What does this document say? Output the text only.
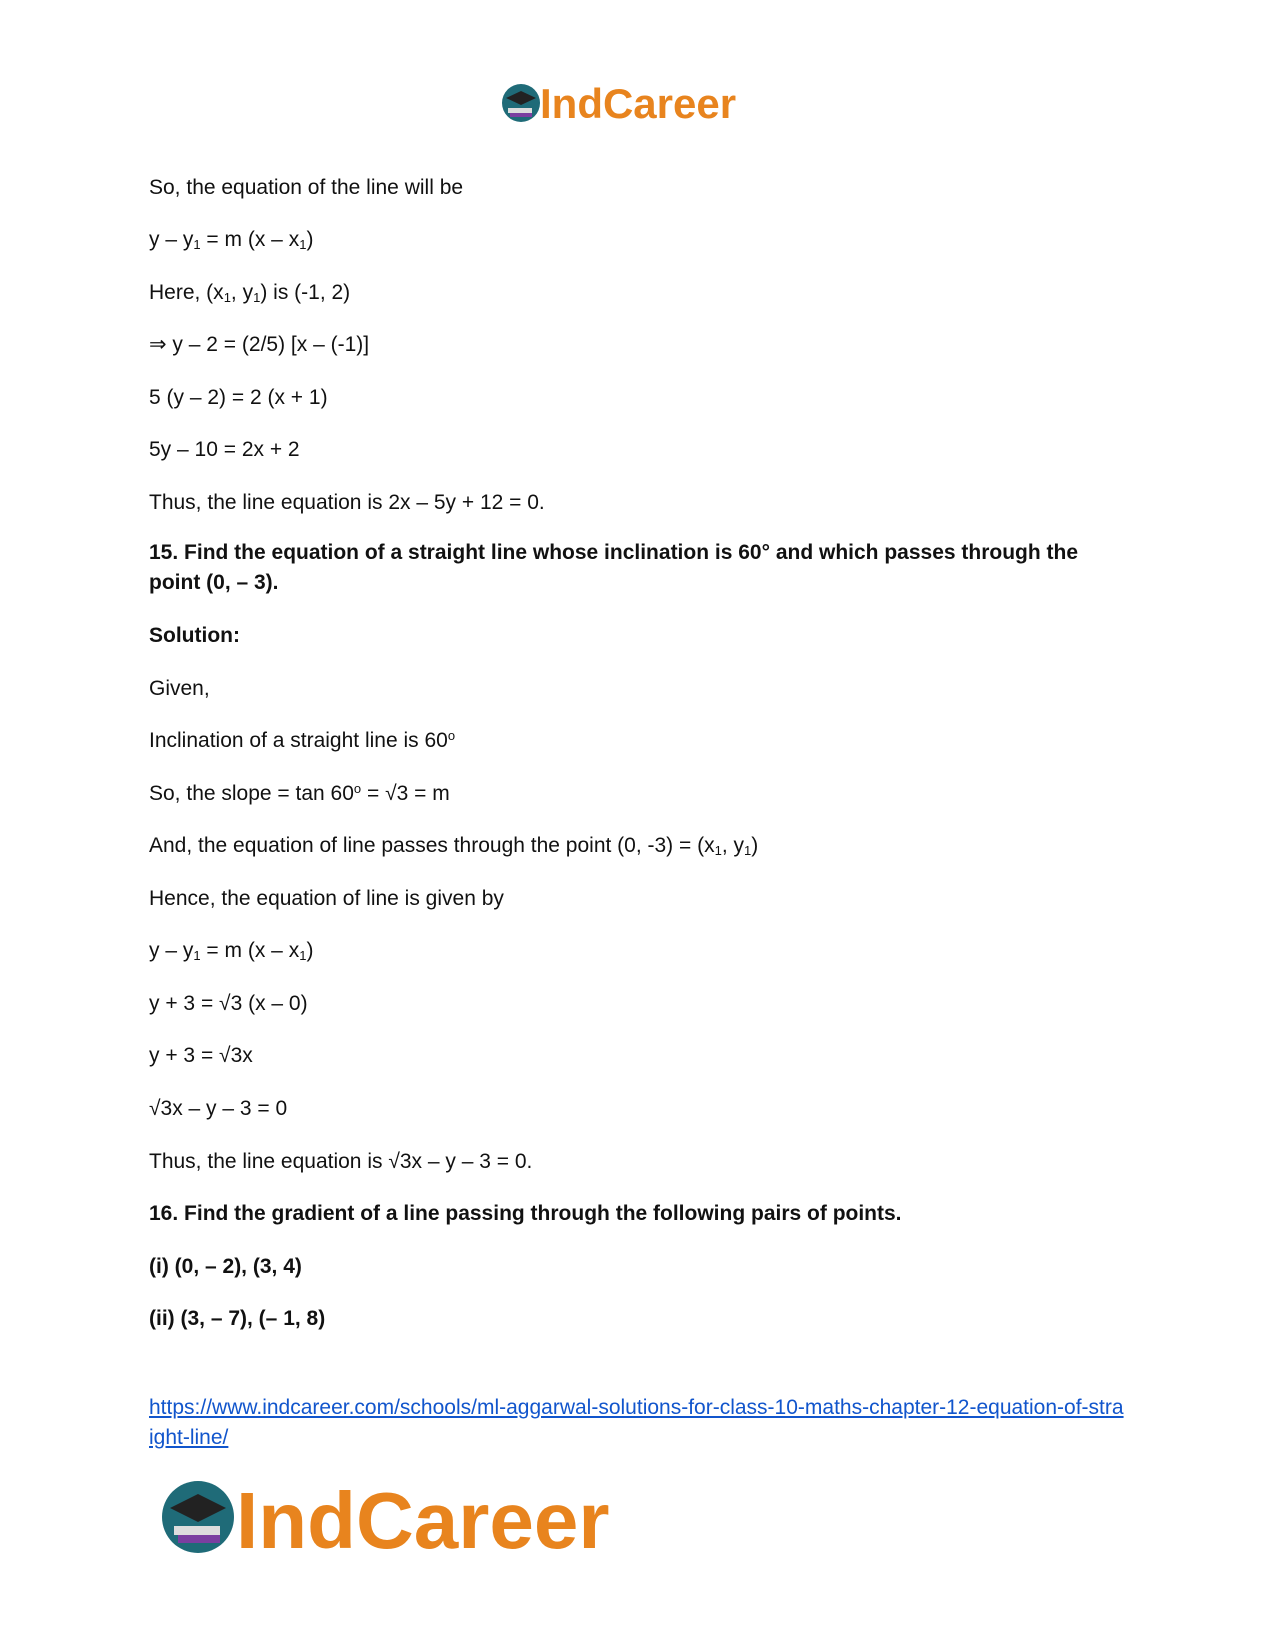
IndCareer
So, the equation of the line will be
$y - y_1 = m$ $(x - x_1)$
Here, ($x_1$, $y_1$) is (-1, 2)
⇒ y – 2 = (2/5) [x – (-1)]
5 (y – 2) = 2 (x + 1)
5y – 10 = 2x + 2
Thus, the line equation is 2x – 5y + 12 = 0.
15. Find the equation of a straight line whose inclination is 60° and which passes through the point (0, – 3).
Solution:
Given,
Inclination of a straight line is 60$^o$
So, the slope = $\tan 60^o = √3 = m$
And, the equation of line passes through the point (0, $-3) = (x_1$, $y_1$)
Hence, the equation of line is given by
$y - y_1 = m$ $(x - x_1)$
y + 3 = √3 (x – 0)
y + 3 = √3x
√3x – y – 3 = 0
Thus, the line equation is √3x – y – 3 = 0.
16. Find the gradient of a line passing through the following pairs of points.
(i) (0, – 2), (3, 4)
(ii) (3, – 7), (– 1, 8)
https://www.indcareer.com/schools/ml-aggarwal-solutions-for-class-10-maths-chapter-12-equation-of-straight-line/
IndCareer
